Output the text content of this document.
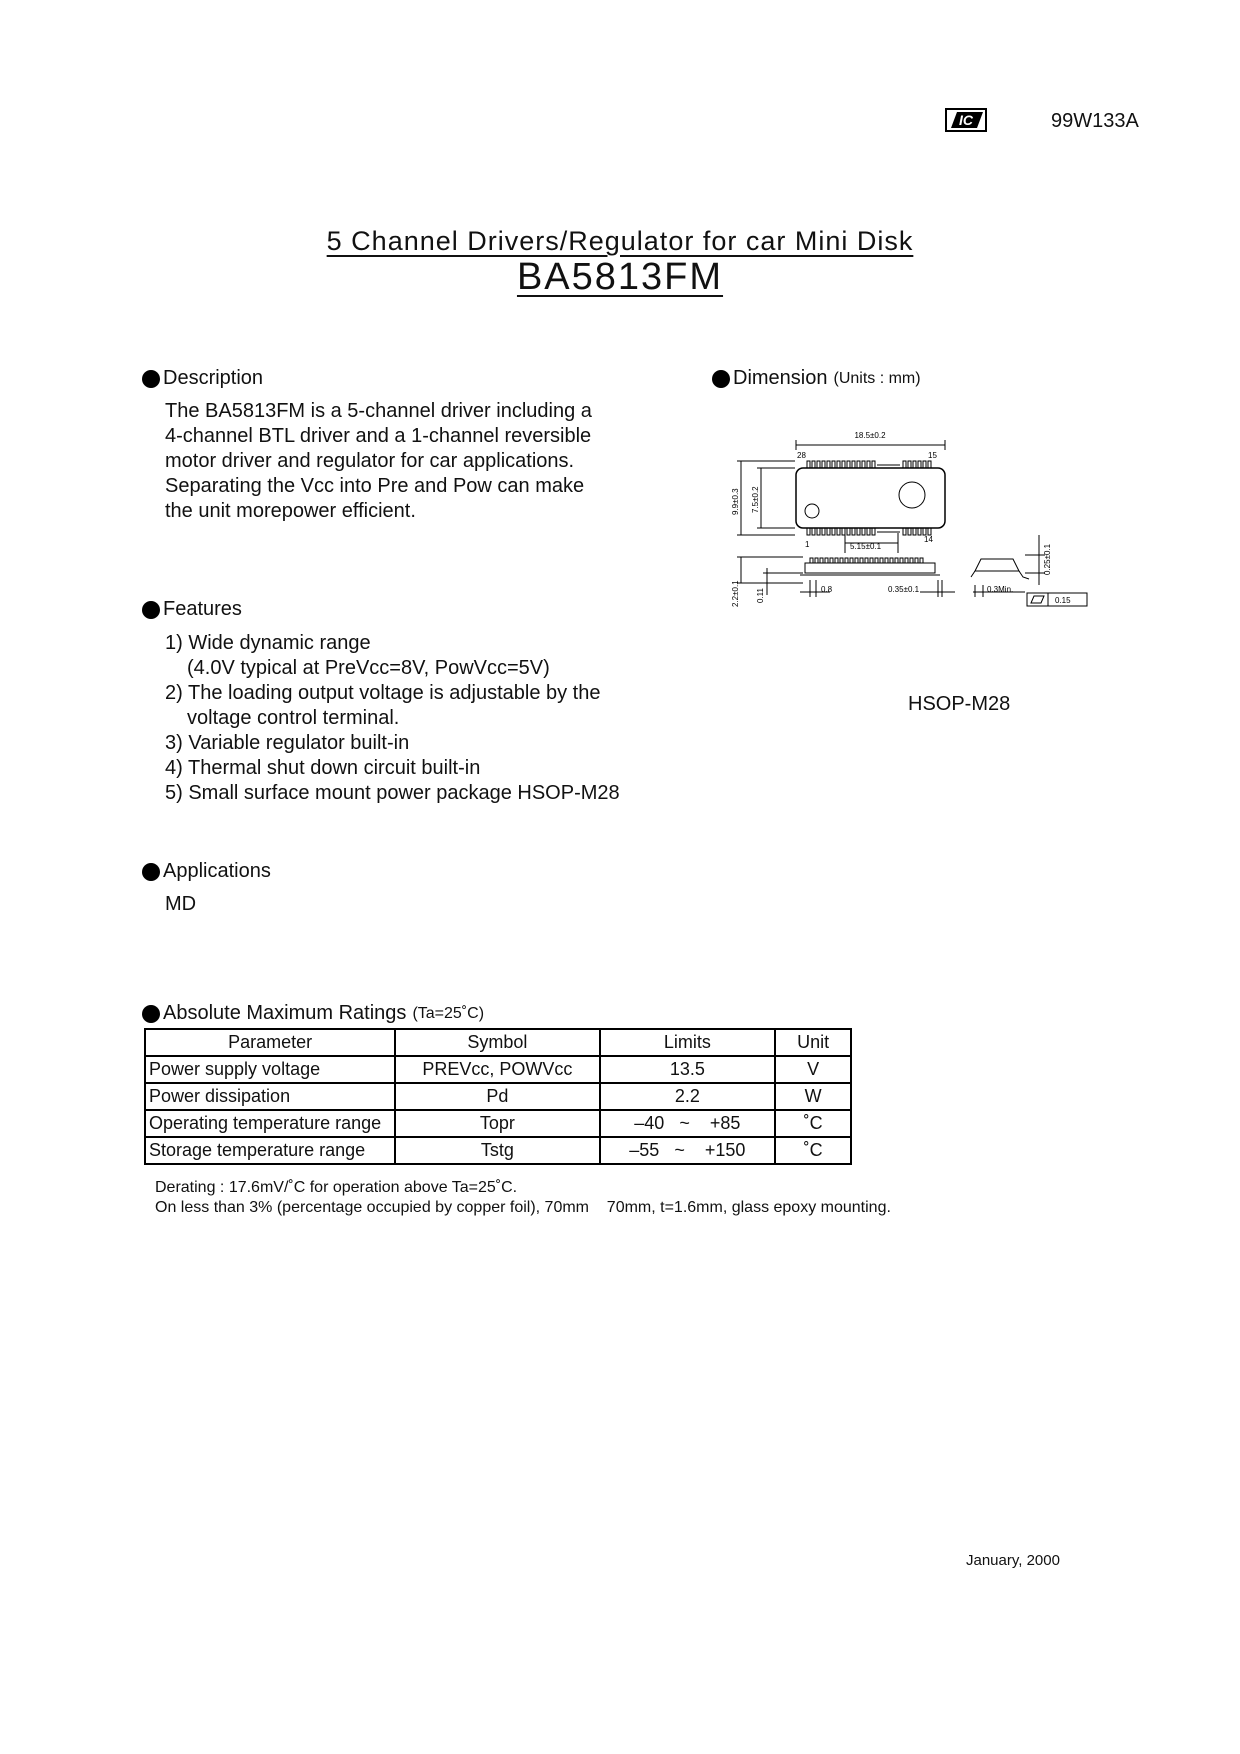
IC	99W133A
5 Channel Drivers/Regulator for car Mini Disk
BA5813FM
Description
The BA5813FM is a 5-channel driver including a
4-channel BTL driver and a 1-channel reversible
motor driver and regulator for car applications.
Separating the Vcc into Pre and Pow can make
the unit morepower efficient.
Dimension (Units : mm)
18.5±0.2
28	15
1
14
5.15±0.1
9.9±0.3 7.5±0.2
2.2±0.1 0.11	0.8	0.35±0.1	0.3Min.
0.25±0.1
0.15
HSOP-M28
Features
1) Wide dynamic range
(4.0V typical at PreVcc=8V, PowVcc=5V)
2) The loading output voltage is adjustable by the
voltage control terminal.
3) Variable regulator built-in
4) Thermal shut down circuit built-in
5) Small surface mount power package HSOP-M28
Applications
MD
Absolute Maximum Ratings (Ta=25˚C)
Parameter	Symbol	Limits	Unit
Power supply voltage	PREVcc, POWVcc	13.5	V
Power dissipation	Pd	2.2	W
Operating temperature range	Topr	–40 ~ +85	˚C
Storage temperature range	Tstg	–55 ~ +150	˚C
Derating : 17.6mV/˚C for operation above Ta=25˚C.
On less than 3% (percentage occupied by copper foil), 70mm    70mm, t=1.6mm, glass epoxy mounting.
January, 2000
